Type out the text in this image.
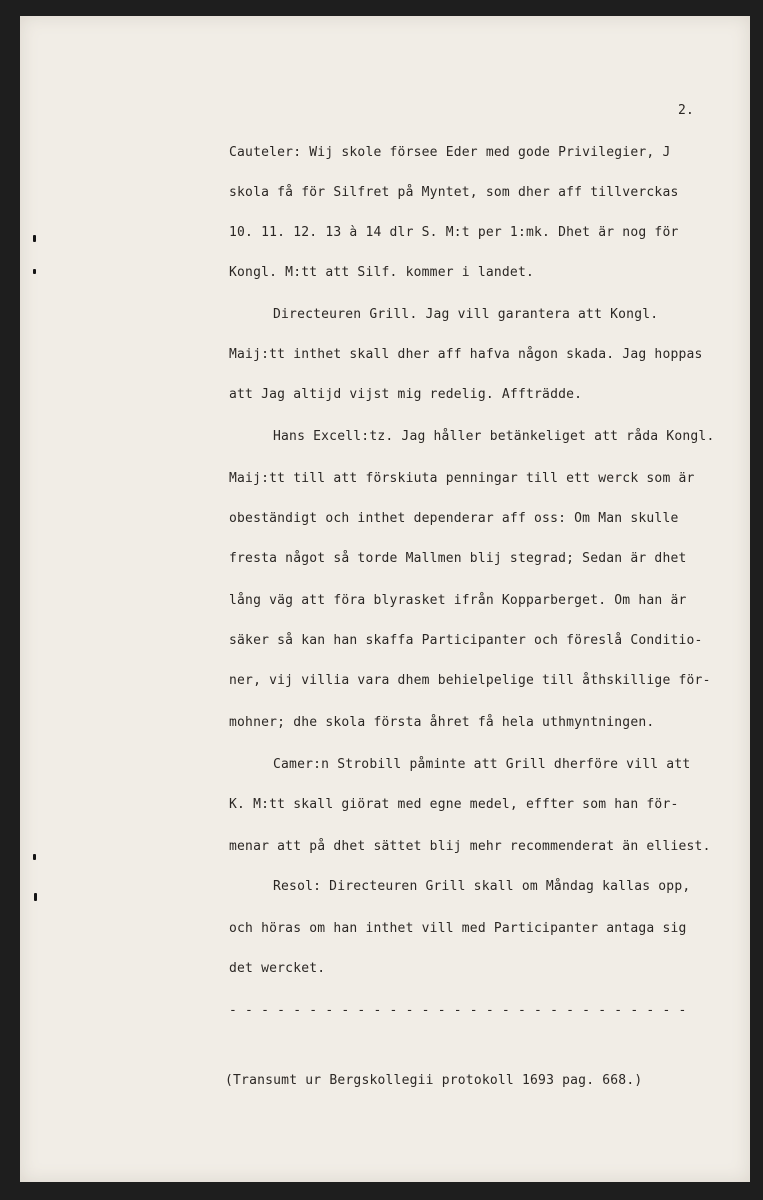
2.
Cauteler: Wij skole försee Eder med gode Privilegier, J
skola få för Silfret på Myntet, som dher aff tillverckas
10. 11. 12. 13 à 14 dlr S. M:t per 1:mk. Dhet är nog för
Kongl. M:tt att Silf. kommer i landet.
Directeuren Grill. Jag vill garantera att Kongl.
Maij:tt inthet skall dher aff hafva någon skada. Jag hoppas
att Jag altijd vijst mig redelig. Affträdde.
Hans Excell:tz. Jag håller betänkeliget att råda Kongl.
Maij:tt till att förskiuta penningar till ett werck som är
obeständigt och inthet dependerar aff oss: Om Man skulle
fresta något så torde Mallmen blij stegrad; Sedan är dhet
lång väg att föra blyrasket ifrån Kopparberget. Om han är
säker så kan han skaffa Participanter och föreslå Conditio-
ner, vij villia vara dhem behielpelige till åthskillige för-
mohner; dhe skola första åhret få hela uthmyntningen.
Camer:n Strobill påminte att Grill dherföre vill att
K. M:tt skall giörat med egne medel, effter som han för-
menar att på dhet sättet blij mehr recommenderat än elliest.
Resol: Directeuren Grill skall om Måndag kallas opp,
och höras om han inthet vill med Participanter antaga sig
det wercket.
- - - - - - - - - - - - - - - - - - - - - - - - - - - - -
(Transumt ur Bergskollegii protokoll 1693 pag. 668.)
